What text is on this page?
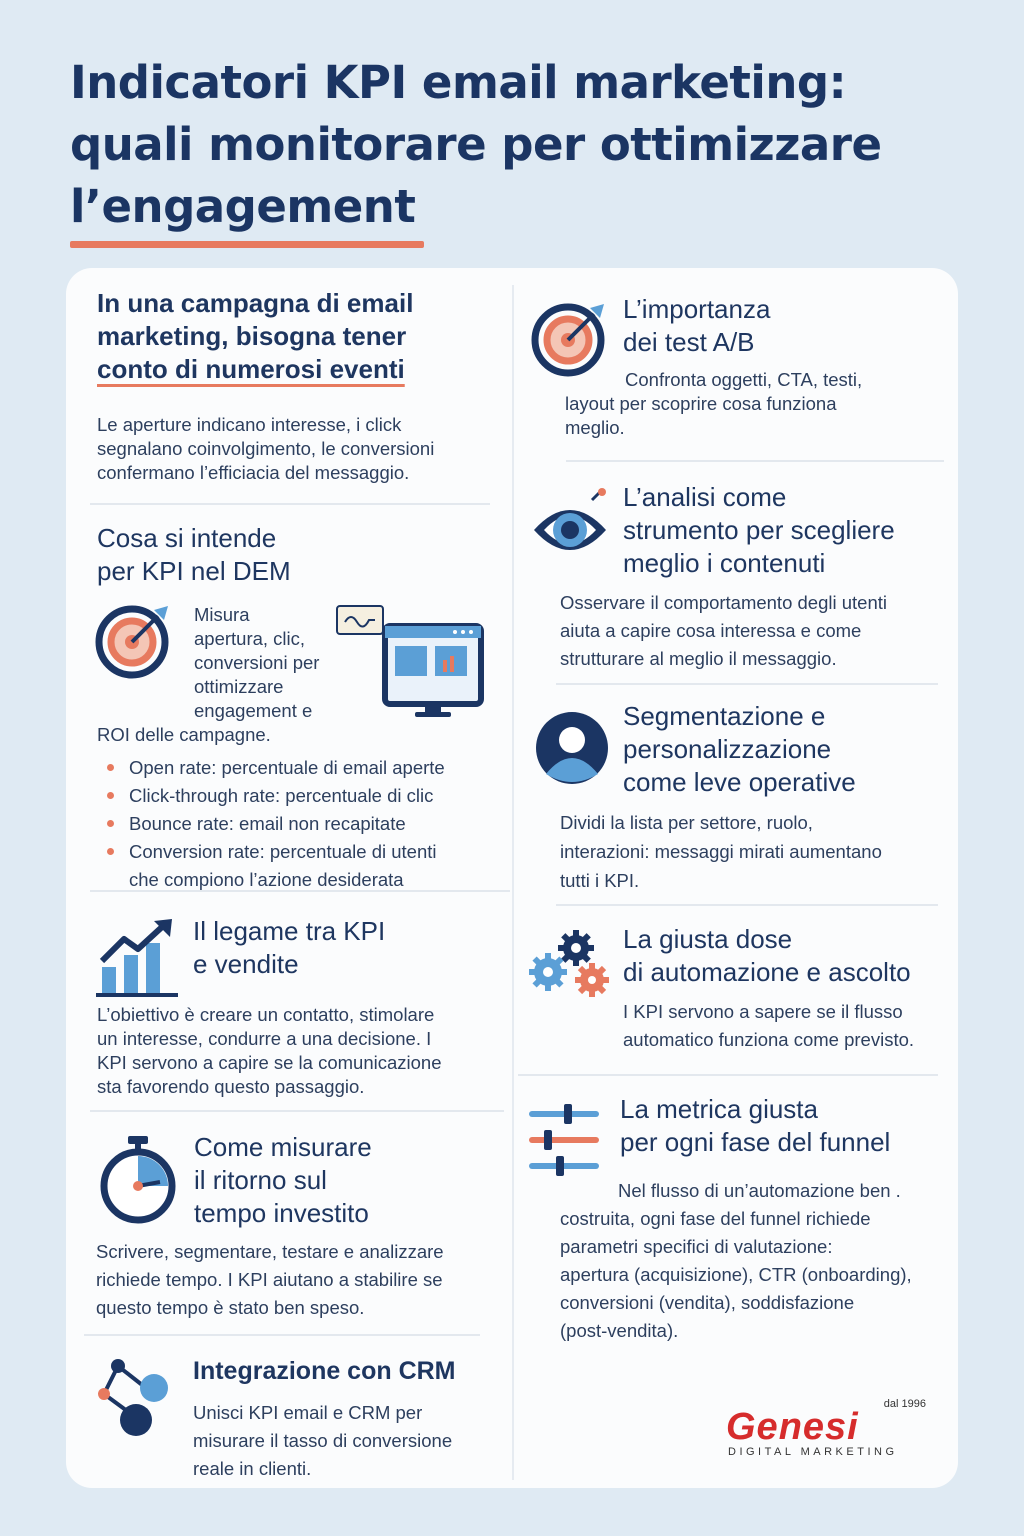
Indicatori KPI email marketing:
quali monitorare per ottimizzare
l’engagement
In una campagna di email
marketing, bisogna tener
conto di numerosi eventi

Le aperture indicano interesse, i click
segnalano coinvolgimento, le conversioni
confermano l’efficiacia del messaggio.

Cosa si intende
per KPI nel DEM

Misura
apertura, clic,
conversioni per
ottimizzare
engagement e

ROI delle campagne.

Open rate: percentuale di email aperte
Click-through rate: percentuale di clic
Bounce rate: email non recapitate
Conversion rate: percentuale di utenti
che compiono l’azione desiderata
Il legame tra KPI
e vendite

L’obiettivo è creare un contatto, stimolare
un interesse, condurre a una decisione. I
KPI servono a capire se la comunicazione
sta favorendo questo passaggio.

Come misurare
il ritorno sul
tempo investito

Scrivere, segmentare, testare e analizzare
richiede tempo. I KPI aiutano a stabilire se
questo tempo è stato ben speso.

Integrazione con CRM

Unisci KPI email e CRM per
misurare il tasso di conversione
reale in clienti.

L’importanza
dei test A/B

Confronta oggetti, CTA, testi,
layout per scoprire cosa funziona
meglio.

L’analisi come
strumento per scegliere
meglio i contenuti

Osservare il comportamento degli utenti
aiuta a capire cosa interessa e come
strutturare al meglio il messaggio.

Segmentazione e
personalizzazione
come leve operative

Dividi la lista per settore, ruolo,
interazioni: messaggi mirati aumentano
tutti i KPI.

La giusta dose
di automazione e ascolto

I KPI servono a sapere se il flusso
automatico funziona come previsto.

La metrica giusta
per ogni fase del funnel

Nel flusso di un’automazione ben .
costruita, ogni fase del funnel richiede
parametri specifici di valutazione:
apertura (acquisizione), CTR (onboarding),
conversioni (vendita), soddisfazione
(post-vendita).

dal 1996
Genesi
DIGITAL MARKETING
